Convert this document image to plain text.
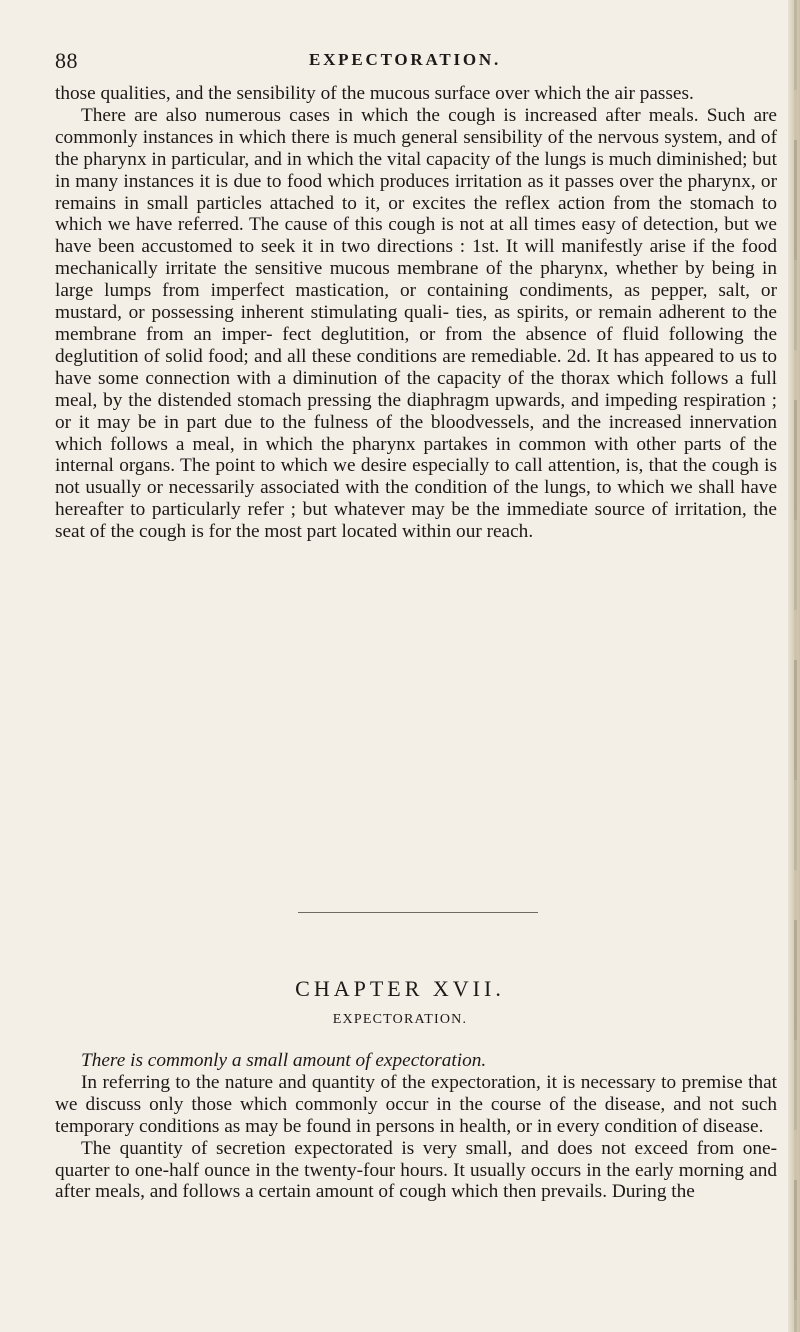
88	EXPECTORATION.

those qualities, and the sensibility of the mucous surface over which the air passes.

There are also numerous cases in which the cough is increased after meals. Such are commonly instances in which there is much general sensibility of the nervous system, and of the pharynx in particular, and in which the vital capacity of the lungs is much diminished; but in many instances it is due to food which produces irritation as it passes over the pharynx, or remains in small particles attached to it, or excites the reflex action from the stomach to which we have referred. The cause of this cough is not at all times easy of detection, but we have been accustomed to seek it in two directions : 1st. It will manifestly arise if the food mechanically irritate the sensitive mucous membrane of the pharynx, whether by being in large lumps from imperfect mastication, or containing condiments, as pepper, salt, or mustard, or possessing inherent stimulating quali- ties, as spirits, or remain adherent to the membrane from an imper- fect deglutition, or from the absence of fluid following the deglutition of solid food; and all these conditions are remediable. 2d. It has appeared to us to have some connection with a diminution of the capacity of the thorax which follows a full meal, by the distended stomach pressing the diaphragm upwards, and impeding respiration ; or it may be in part due to the fulness of the bloodvessels, and the increased innervation which follows a meal, in which the pharynx partakes in common with other parts of the internal organs. The point to which we desire especially to call attention, is, that the cough is not usually or necessarily associated with the condition of the lungs, to which we shall have hereafter to particularly refer ; but whatever may be the immediate source of irritation, the seat of the cough is for the most part located within our reach.

CHAPTER XVII.

EXPECTORATION.

There is commonly a small amount of expectoration.

In referring to the nature and quantity of the expectoration, it is necessary to premise that we discuss only those which commonly occur in the course of the disease, and not such temporary conditions as may be found in persons in health, or in every condition of disease.

The quantity of secretion expectorated is very small, and does not exceed from one-quarter to one-half ounce in the twenty-four hours. It usually occurs in the early morning and after meals, and follows a certain amount of cough which then prevails. During the
